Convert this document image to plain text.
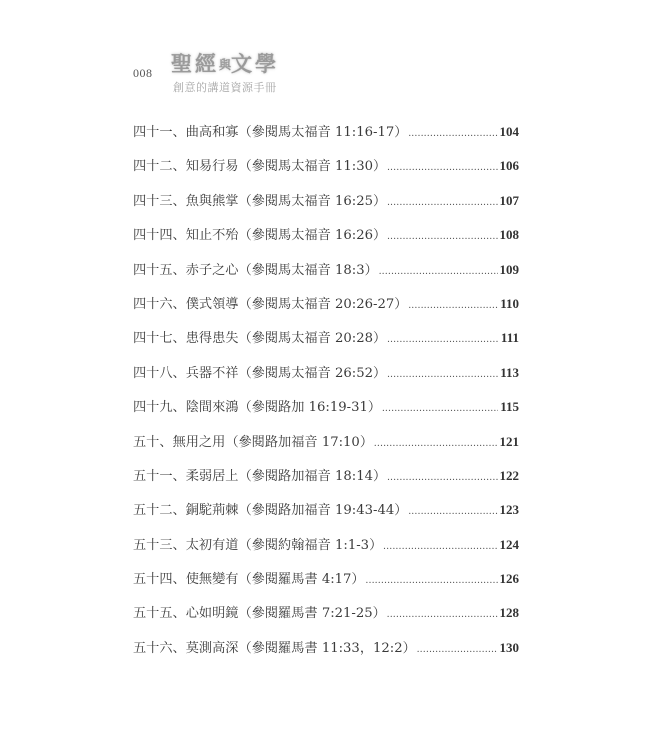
008 聖經與文學
創意的講道資源手冊
四十一、 曲高和寡 （參閱馬太福音 11:16-17） .....	104
四十二、 知易行易 （參閱馬太福音 11:30） .....	106
四十三、 魚與熊掌 （參閱馬太福音 16:25） .....	107
四十四、 知止不殆 （參閱馬太福音 16:26） .....	108
四十五、 赤子之心 （參閱馬太福音 18:3） .....	109
四十六、 僕式領導 （參閱馬太福音 20:26-27） .....	110
四十七、 患得患失 （參閱馬太福音 20:28） .....	111
四十八、 兵器不祥 （參閱馬太福音 26:52） .....	113
四十九、 陰間來鴻 （參閱路加 16:19-31） .....	115
五十、 無用之用 （參閱路加福音 17:10） .....	121
五十一、 柔弱居上 （參閱路加福音 18:14） .....	122
五十二、 銅駝荊棘 （參閱路加福音 19:43-44） .....	123
五十三、 太初有道 （參閱約翰福音 1:1-3） .....	124
五十四、 使無變有 （參閱羅馬書 4:17） .....	126
五十五、 心如明鏡 （參閱羅馬書 7:21-25） .....	128
五十六、 莫測高深 （參閱羅馬書 11:33，12:2） .....	130
